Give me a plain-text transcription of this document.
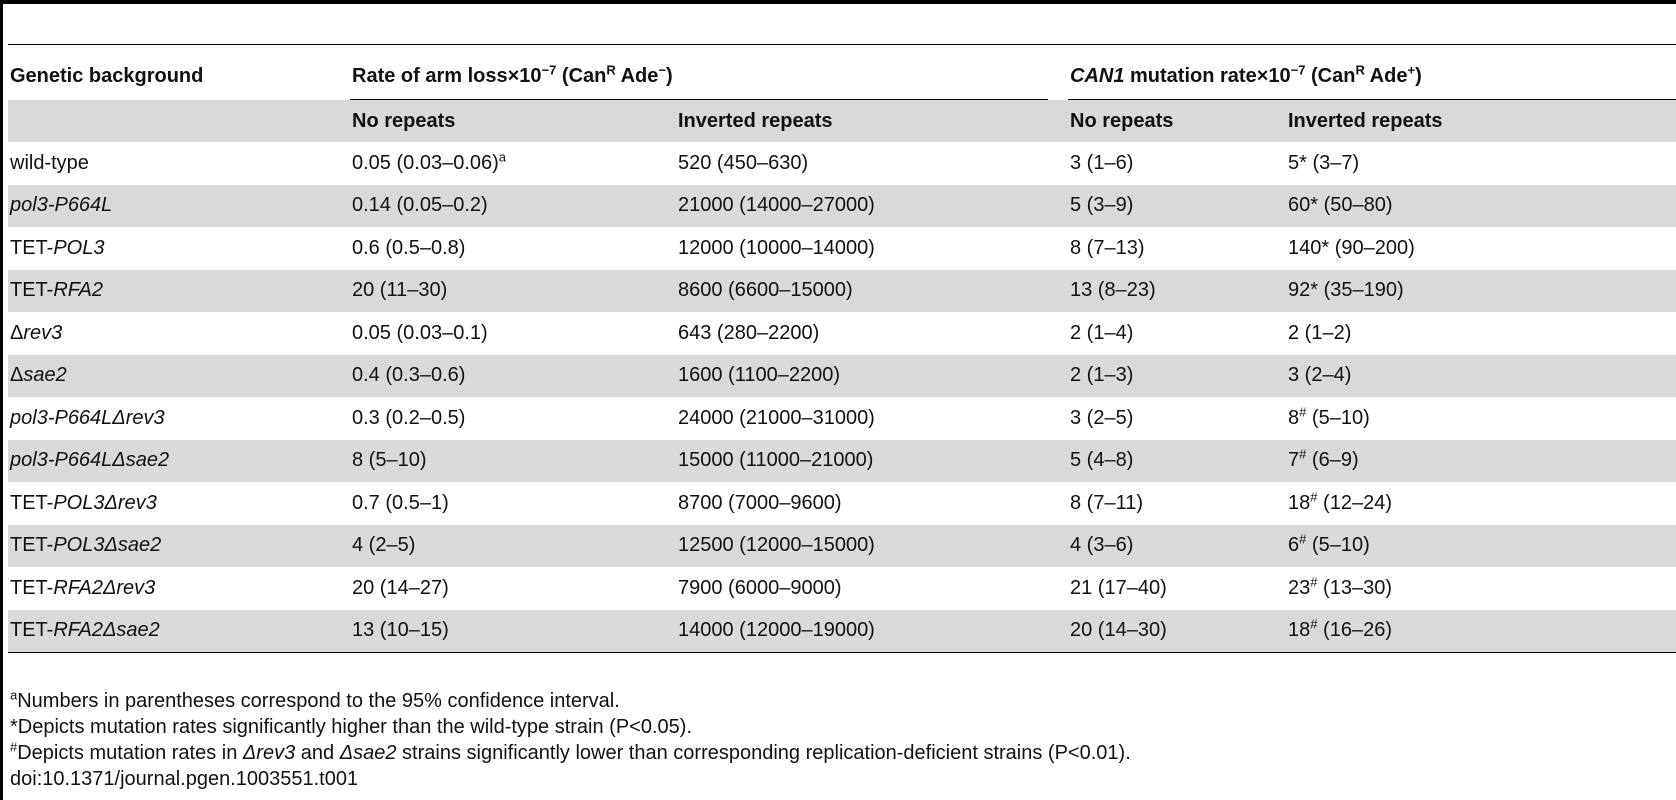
Genetic background	Rate of arm $loss\times 10^{-7}$ (Can$^R$ Ade−)		CAN1 mutation $rate\times 10^{-7}$ (Can$^R$ Ade+)	

	No repeats	Inverted repeats	No repeats	Inverted repeats
wild-type	0.05 $(0.03-0.06)^a$	520 (450–630)	3 (1–6)	5* (3–7)
pol3-P664L	0.14 (0.05–0.2)	21000 (14000–27000)	5 (3–9)	60* (50–80)
TET-POL3	0.6 (0.5–0.8)	12000 (10000–14000)	8 (7–13)	140* (90–200)
TET-RFA2	20 (11–30)	8600 (6600–15000)	13 (8–23)	92* (35–190)
Δrev3	0.05 (0.03–0.1)	643 (280–2200)	2 (1–4)	2 (1–2)
Δsae2	0.4 (0.3–0.6)	1600 (1100–2200)	2 (1–3)	3 (2–4)
pol3-P664LΔrev3	0.3 (0.2–0.5)	24000 (21000–31000)	3 (2–5)	8# (5–10)
pol3-P664LΔsae2	8 (5–10)	15000 (11000–21000)	5 (4–8)	7# (6–9)
TET-POL3Δrev3	0.7 (0.5–1)	8700 (7000–9600)	8 (7–11)	18# (12–24)
TET-POL3Δsae2	4 (2–5)	12500 (12000–15000)	4 (3–6)	6# (5–10)
TET-RFA2Δrev3	20 (14–27)	7900 (6000–9000)	21 (17–40)	23# (13–30)
TET-RFA2Δsae2	13 (10–15)	14000 (12000–19000)	20 (14–30)	18# (16–26)
$^a$Numbers in parentheses correspond to the 95% confidence interval.
*Depicts mutation rates significantly higher than the wild-type strain (P<0.05).
#Depicts mutation rates in Δrev3 and Δsae2 strains significantly lower than corresponding replication-deficient strains (P<0.01).
doi:10.1371/journal.pgen.1003551.t001
